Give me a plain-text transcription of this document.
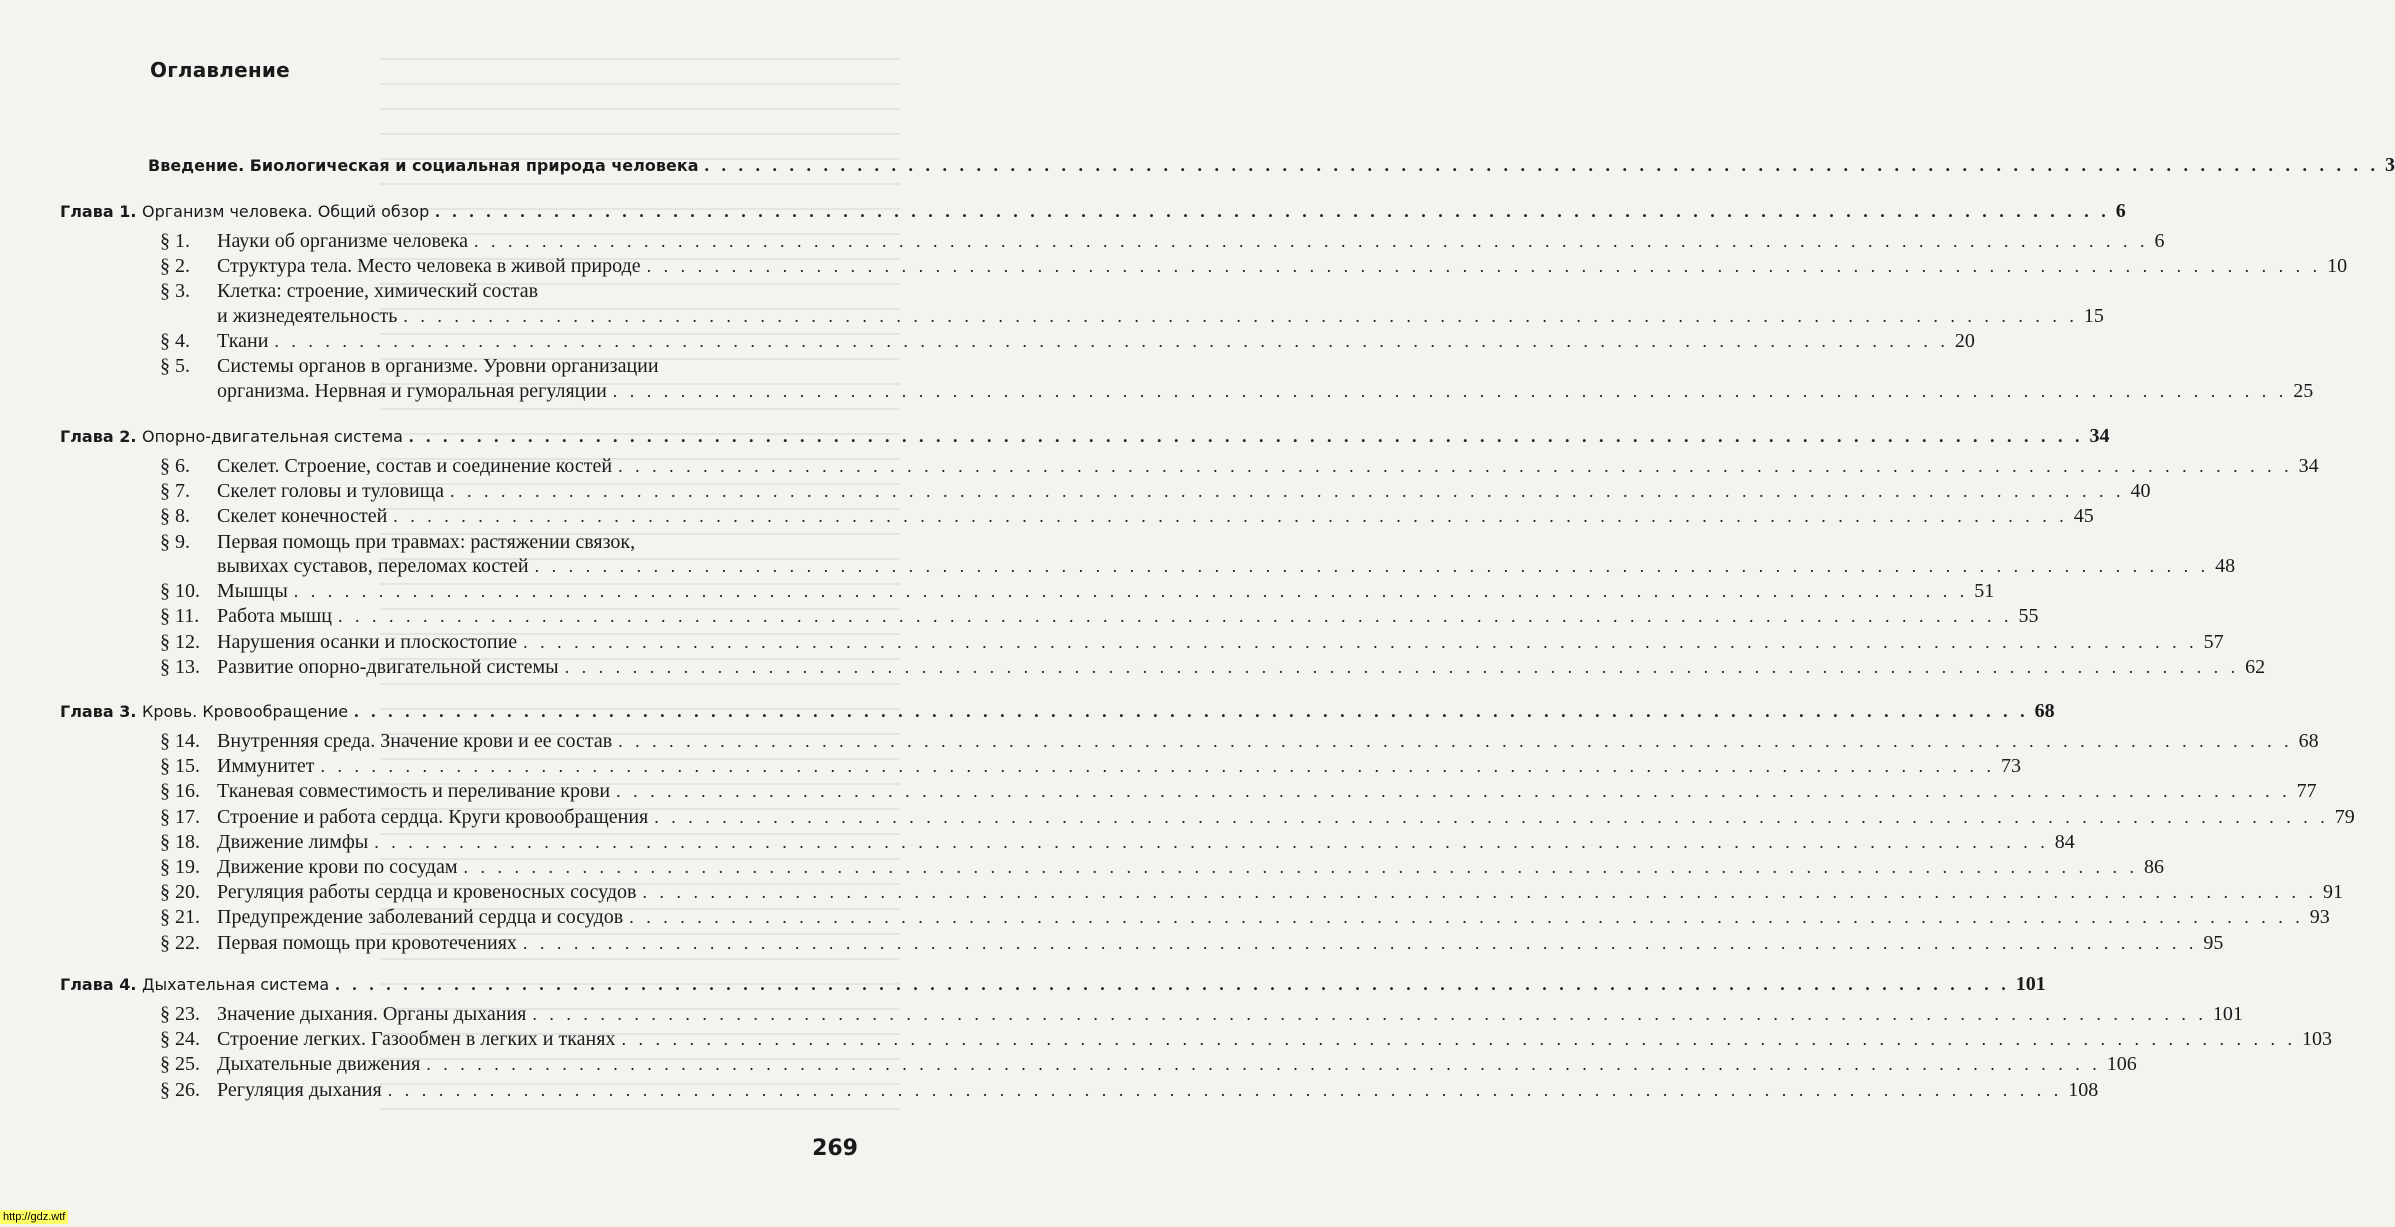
Оглавление
Введение. Биологическая и социальная природа человека . . . . . . . . . . . . . . . . . . . . . . . . . . . . . . . . . . . . . . . . . . . . . . . . . . . . . . . . . . . . . . . . . . . . . . . . . . . . . . . . . . . . . . . . . . . . . . . . . . . 3
Глава 1. Организм человека. Общий обзор . . . . . . . . . . . . . . . . . . . . . . . . . . . . . . . . . . . . . . . . . . . . . . . . . . . . . . . . . . . . . . . . . . . . . . . . . . . . . . . . . . . . . . . . . . . . . . . . . . . 6
§ 1. Науки об организме человека . . . . . . . . . . . . . . . . . . . . . . . . . . . . . . . . . . . . . . . . . . . . . . . . . . . . . . . . . . . . . . . . . . . . . . . . . . . . . . . . . . . . . . . . . . . . . . . . . . . 6
§ 2. Структура тела. Место человека в живой природе . . . . . . . . . . . . . . . . . . . . . . . . . . . . . . . . . . . . . . . . . . . . . . . . . . . . . . . . . . . . . . . . . . . . . . . . . . . . . . . . . . . . . . . . . . . . . . . . . . . 10
§ 3. Клетка: строение, химический состав
и жизнедеятельность . . . . . . . . . . . . . . . . . . . . . . . . . . . . . . . . . . . . . . . . . . . . . . . . . . . . . . . . . . . . . . . . . . . . . . . . . . . . . . . . . . . . . . . . . . . . . . . . . . . 15
§ 4. Ткани . . . . . . . . . . . . . . . . . . . . . . . . . . . . . . . . . . . . . . . . . . . . . . . . . . . . . . . . . . . . . . . . . . . . . . . . . . . . . . . . . . . . . . . . . . . . . . . . . . . 20
§ 5. Системы органов в организме. Уровни организации
организма. Нервная и гуморальная регуляции . . . . . . . . . . . . . . . . . . . . . . . . . . . . . . . . . . . . . . . . . . . . . . . . . . . . . . . . . . . . . . . . . . . . . . . . . . . . . . . . . . . . . . . . . . . . . . . . . . . 25
Глава 2. Опорно-двигательная система . . . . . . . . . . . . . . . . . . . . . . . . . . . . . . . . . . . . . . . . . . . . . . . . . . . . . . . . . . . . . . . . . . . . . . . . . . . . . . . . . . . . . . . . . . . . . . . . . . . 34
§ 6. Скелет. Строение, состав и соединение костей . . . . . . . . . . . . . . . . . . . . . . . . . . . . . . . . . . . . . . . . . . . . . . . . . . . . . . . . . . . . . . . . . . . . . . . . . . . . . . . . . . . . . . . . . . . . . . . . . . . 34
§ 7. Скелет головы и туловища . . . . . . . . . . . . . . . . . . . . . . . . . . . . . . . . . . . . . . . . . . . . . . . . . . . . . . . . . . . . . . . . . . . . . . . . . . . . . . . . . . . . . . . . . . . . . . . . . . . 40
§ 8. Скелет конечностей . . . . . . . . . . . . . . . . . . . . . . . . . . . . . . . . . . . . . . . . . . . . . . . . . . . . . . . . . . . . . . . . . . . . . . . . . . . . . . . . . . . . . . . . . . . . . . . . . . . 45
§ 9. Первая помощь при травмах: растяжении связок,
вывихах суставов, переломах костей . . . . . . . . . . . . . . . . . . . . . . . . . . . . . . . . . . . . . . . . . . . . . . . . . . . . . . . . . . . . . . . . . . . . . . . . . . . . . . . . . . . . . . . . . . . . . . . . . . . 48
§ 10. Мышцы . . . . . . . . . . . . . . . . . . . . . . . . . . . . . . . . . . . . . . . . . . . . . . . . . . . . . . . . . . . . . . . . . . . . . . . . . . . . . . . . . . . . . . . . . . . . . . . . . . . 51
§ 11. Работа мышц . . . . . . . . . . . . . . . . . . . . . . . . . . . . . . . . . . . . . . . . . . . . . . . . . . . . . . . . . . . . . . . . . . . . . . . . . . . . . . . . . . . . . . . . . . . . . . . . . . . 55
§ 12. Нарушения осанки и плоскостопие . . . . . . . . . . . . . . . . . . . . . . . . . . . . . . . . . . . . . . . . . . . . . . . . . . . . . . . . . . . . . . . . . . . . . . . . . . . . . . . . . . . . . . . . . . . . . . . . . . . 57
§ 13. Развитие опорно-двигательной системы . . . . . . . . . . . . . . . . . . . . . . . . . . . . . . . . . . . . . . . . . . . . . . . . . . . . . . . . . . . . . . . . . . . . . . . . . . . . . . . . . . . . . . . . . . . . . . . . . . . 62
Глава 3. Кровь. Кровообращение . . . . . . . . . . . . . . . . . . . . . . . . . . . . . . . . . . . . . . . . . . . . . . . . . . . . . . . . . . . . . . . . . . . . . . . . . . . . . . . . . . . . . . . . . . . . . . . . . . . 68
§ 14. Внутренняя среда. Значение крови и ее состав . . . . . . . . . . . . . . . . . . . . . . . . . . . . . . . . . . . . . . . . . . . . . . . . . . . . . . . . . . . . . . . . . . . . . . . . . . . . . . . . . . . . . . . . . . . . . . . . . . . 68
§ 15. Иммунитет . . . . . . . . . . . . . . . . . . . . . . . . . . . . . . . . . . . . . . . . . . . . . . . . . . . . . . . . . . . . . . . . . . . . . . . . . . . . . . . . . . . . . . . . . . . . . . . . . . . 73
§ 16. Тканевая совместимость и переливание крови . . . . . . . . . . . . . . . . . . . . . . . . . . . . . . . . . . . . . . . . . . . . . . . . . . . . . . . . . . . . . . . . . . . . . . . . . . . . . . . . . . . . . . . . . . . . . . . . . . . 77
§ 17. Строение и работа сердца. Круги кровообращения . . . . . . . . . . . . . . . . . . . . . . . . . . . . . . . . . . . . . . . . . . . . . . . . . . . . . . . . . . . . . . . . . . . . . . . . . . . . . . . . . . . . . . . . . . . . . . . . . . . 79
§ 18. Движение лимфы . . . . . . . . . . . . . . . . . . . . . . . . . . . . . . . . . . . . . . . . . . . . . . . . . . . . . . . . . . . . . . . . . . . . . . . . . . . . . . . . . . . . . . . . . . . . . . . . . . . 84
§ 19. Движение крови по сосудам . . . . . . . . . . . . . . . . . . . . . . . . . . . . . . . . . . . . . . . . . . . . . . . . . . . . . . . . . . . . . . . . . . . . . . . . . . . . . . . . . . . . . . . . . . . . . . . . . . . 86
§ 20. Регуляция работы сердца и кровеносных сосудов . . . . . . . . . . . . . . . . . . . . . . . . . . . . . . . . . . . . . . . . . . . . . . . . . . . . . . . . . . . . . . . . . . . . . . . . . . . . . . . . . . . . . . . . . . . . . . . . . . . 91
§ 21. Предупреждение заболеваний сердца и сосудов . . . . . . . . . . . . . . . . . . . . . . . . . . . . . . . . . . . . . . . . . . . . . . . . . . . . . . . . . . . . . . . . . . . . . . . . . . . . . . . . . . . . . . . . . . . . . . . . . . . 93
§ 22. Первая помощь при кровотечениях . . . . . . . . . . . . . . . . . . . . . . . . . . . . . . . . . . . . . . . . . . . . . . . . . . . . . . . . . . . . . . . . . . . . . . . . . . . . . . . . . . . . . . . . . . . . . . . . . . . 95
Глава 4. Дыхательная система . . . . . . . . . . . . . . . . . . . . . . . . . . . . . . . . . . . . . . . . . . . . . . . . . . . . . . . . . . . . . . . . . . . . . . . . . . . . . . . . . . . . . . . . . . . . . . . . . . . 101
§ 23. Значение дыхания. Органы дыхания . . . . . . . . . . . . . . . . . . . . . . . . . . . . . . . . . . . . . . . . . . . . . . . . . . . . . . . . . . . . . . . . . . . . . . . . . . . . . . . . . . . . . . . . . . . . . . . . . . . 101
§ 24. Строение легких. Газообмен в легких и тканях . . . . . . . . . . . . . . . . . . . . . . . . . . . . . . . . . . . . . . . . . . . . . . . . . . . . . . . . . . . . . . . . . . . . . . . . . . . . . . . . . . . . . . . . . . . . . . . . . . . 103
§ 25. Дыхательные движения . . . . . . . . . . . . . . . . . . . . . . . . . . . . . . . . . . . . . . . . . . . . . . . . . . . . . . . . . . . . . . . . . . . . . . . . . . . . . . . . . . . . . . . . . . . . . . . . . . . 106
§ 26. Регуляция дыхания . . . . . . . . . . . . . . . . . . . . . . . . . . . . . . . . . . . . . . . . . . . . . . . . . . . . . . . . . . . . . . . . . . . . . . . . . . . . . . . . . . . . . . . . . . . . . . . . . . . 108
269
http://gdz.wtf
